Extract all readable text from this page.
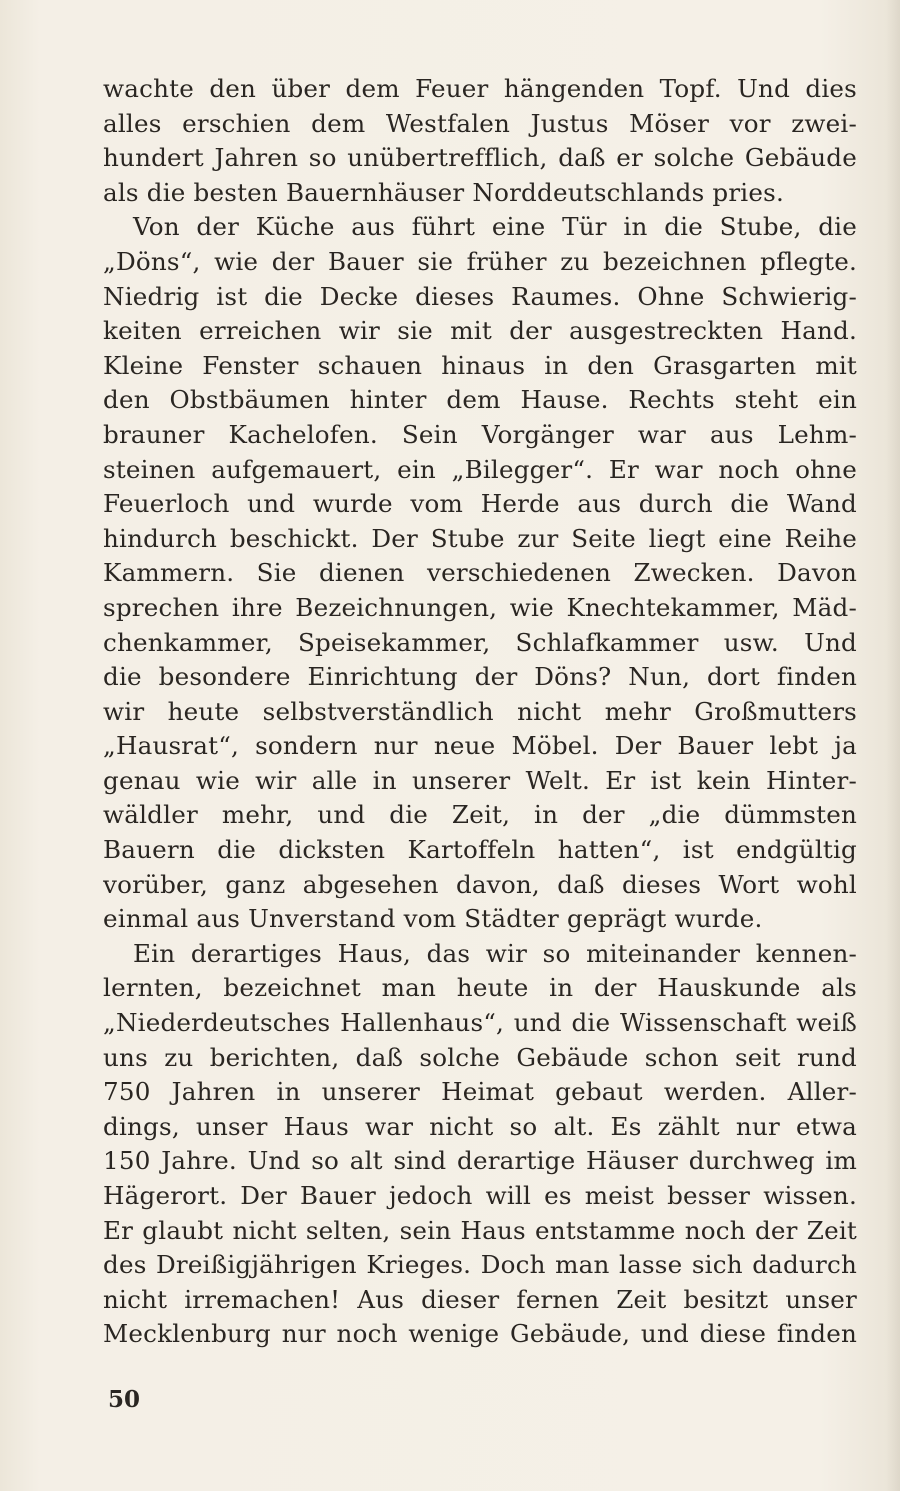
wachte den über dem Feuer hängenden Topf. Und dies
alles erschien dem Westfalen Justus Möser vor zwei-
hundert Jahren so unübertrefflich, daß er solche Gebäude
als die besten Bauernhäuser Norddeutschlands pries.
Von der Küche aus führt eine Tür in die Stube, die
„Döns“, wie der Bauer sie früher zu bezeichnen pflegte.
Niedrig ist die Decke dieses Raumes. Ohne Schwierig-
keiten erreichen wir sie mit der ausgestreckten Hand.
Kleine Fenster schauen hinaus in den Grasgarten mit
den Obstbäumen hinter dem Hause. Rechts steht ein
brauner Kachelofen. Sein Vorgänger war aus Lehm-
steinen aufgemauert, ein „Bilegger“. Er war noch ohne
Feuerloch und wurde vom Herde aus durch die Wand
hindurch beschickt. Der Stube zur Seite liegt eine Reihe
Kammern. Sie dienen verschiedenen Zwecken. Davon
sprechen ihre Bezeichnungen, wie Knechtekammer, Mäd-
chenkammer, Speisekammer, Schlafkammer usw. Und
die besondere Einrichtung der Döns? Nun, dort finden
wir heute selbstverständlich nicht mehr Großmutters
„Hausrat“, sondern nur neue Möbel. Der Bauer lebt ja
genau wie wir alle in unserer Welt. Er ist kein Hinter-
wäldler mehr, und die Zeit, in der „die dümmsten
Bauern die dicksten Kartoffeln hatten“, ist endgültig
vorüber, ganz abgesehen davon, daß dieses Wort wohl
einmal aus Unverstand vom Städter geprägt wurde.
Ein derartiges Haus, das wir so miteinander kennen-
lernten, bezeichnet man heute in der Hauskunde als
„Niederdeutsches Hallenhaus“, und die Wissenschaft weiß
uns zu berichten, daß solche Gebäude schon seit rund
750 Jahren in unserer Heimat gebaut werden. Aller-
dings, unser Haus war nicht so alt. Es zählt nur etwa
150 Jahre. Und so alt sind derartige Häuser durchweg im
Hägerort. Der Bauer jedoch will es meist besser wissen.
Er glaubt nicht selten, sein Haus entstamme noch der Zeit
des Dreißigjährigen Krieges. Doch man lasse sich dadurch
nicht irremachen! Aus dieser fernen Zeit besitzt unser
Mecklenburg nur noch wenige Gebäude, und diese finden
50
